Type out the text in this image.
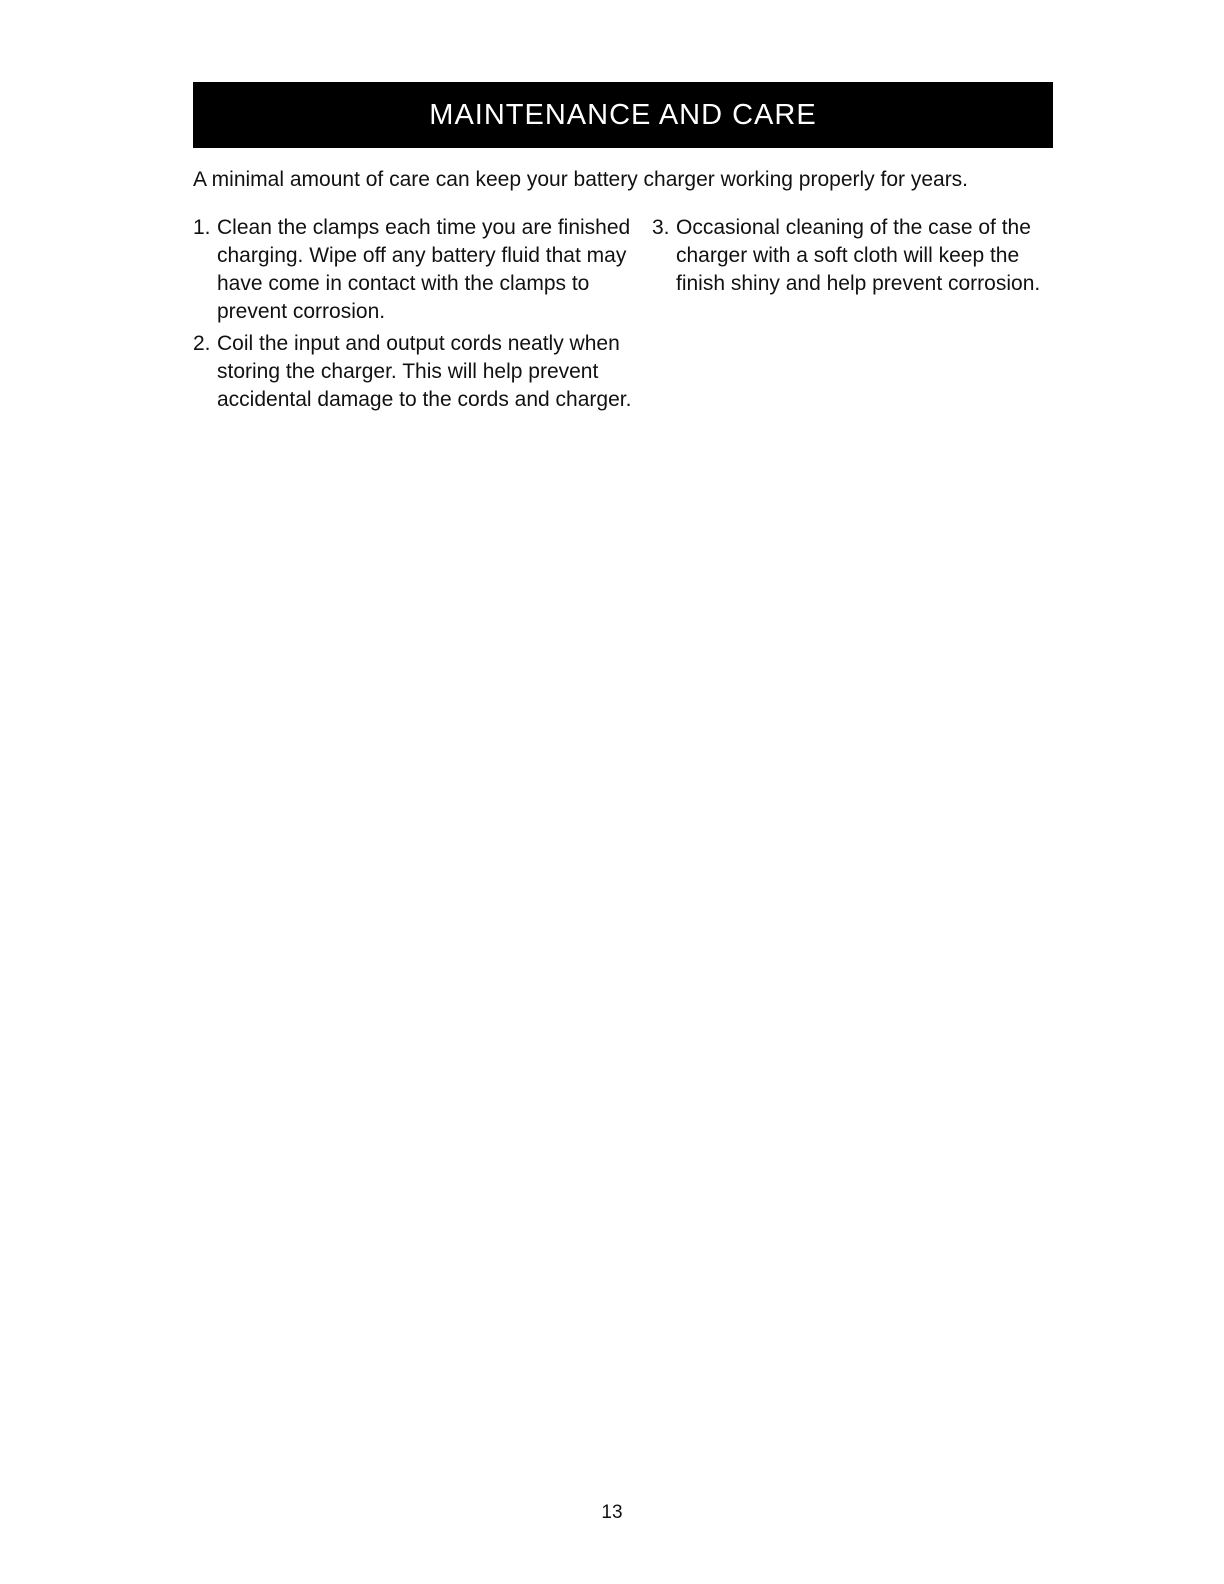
MAINTENANCE AND CARE

A minimal amount of care can keep your battery charger working properly for years.

1. Clean the clamps each time you are finished charging. Wipe off any battery fluid that may have come in contact with the clamps to prevent corrosion.
2. Coil the input and output cords neatly when storing the charger. This will help prevent accidental damage to the cords and charger.
3. Occasional cleaning of the case of the charger with a soft cloth will keep the finish shiny and help prevent corrosion.
13
